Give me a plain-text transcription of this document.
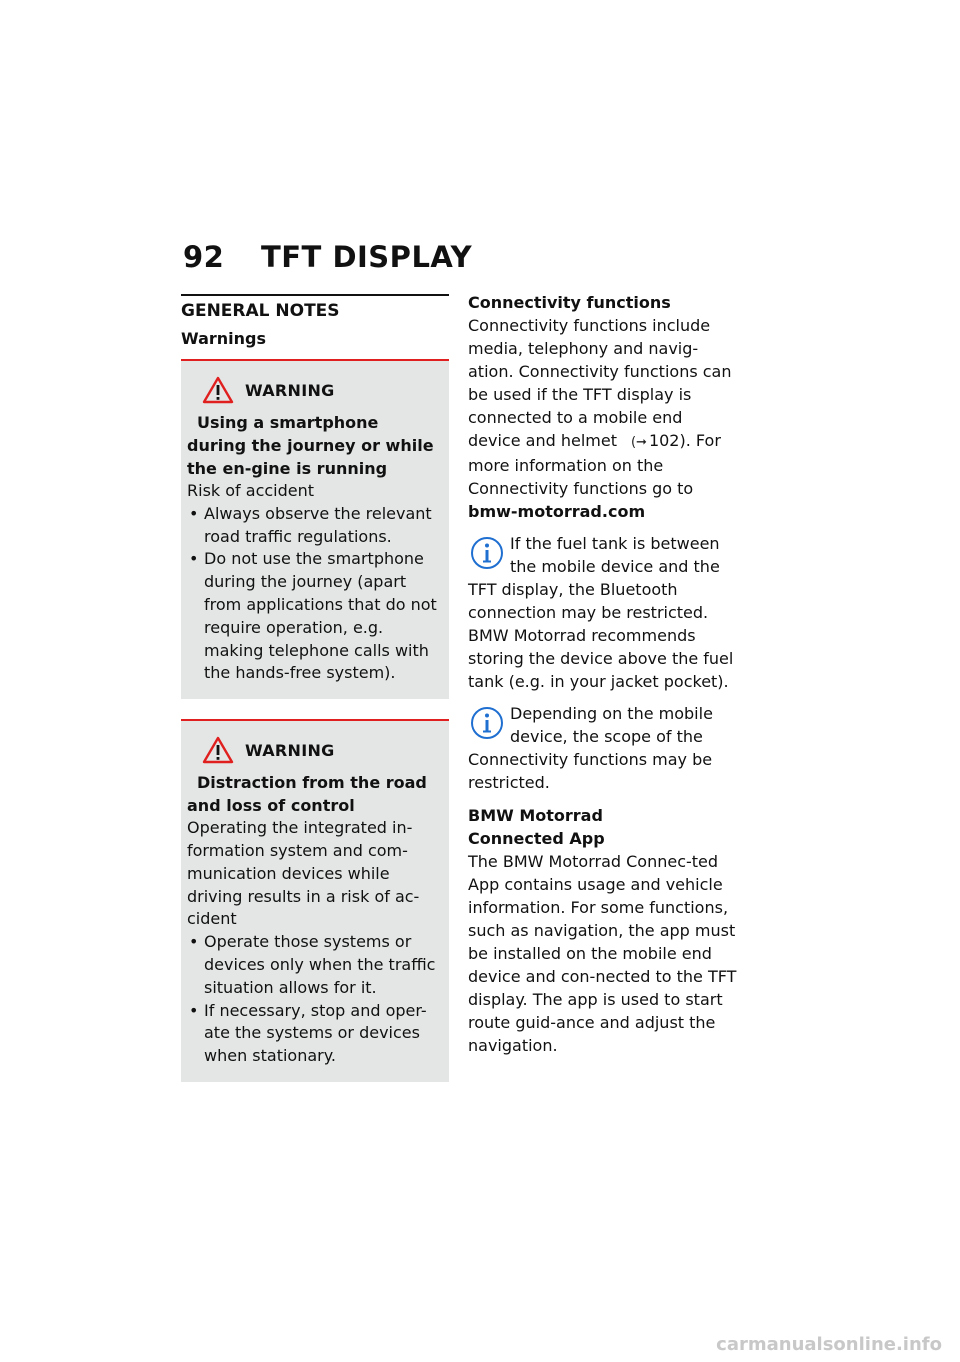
92 TFT DISPLAY
GENERAL NOTES
Warnings
WARNING
Using a smartphone during the journey or while the en-gine is running
Risk of accident
• Always observe the relevant road traffic regulations.
• Do not use the smartphone during the journey (apart from applications that do not require operation, e.g. making telephone calls with the hands-free system).
WARNING
Distraction from the road and loss of control
Operating the integrated in-formation system and com-munication devices while driving results in a risk of ac-cident
• Operate those systems or devices only when the traffic situation allows for it.
• If necessary, stop and oper-ate the systems or devices when stationary.
Connectivity functions
Connectivity functions include media, telephony and navig-ation. Connectivity functions can be used if the TFT display is connected to a mobile end device and helmet (➞ 102). For more information on the Connectivity functions go to
bmw-motorrad.com
If the fuel tank is between the mobile device and the TFT display, the Bluetooth connection may be restricted. BMW Motorrad recommends storing the device above the fuel tank (e.g. in your jacket pocket).
Depending on the mobile device, the scope of the Connectivity functions may be restricted.
BMW Motorrad
Connected App
The BMW Motorrad Connec-ted App contains usage and vehicle information. For some functions, such as navigation, the app must be installed on the mobile end device and con-nected to the TFT display. The app is used to start route guid-ance and adjust the navigation.
carmanualsonline.info
